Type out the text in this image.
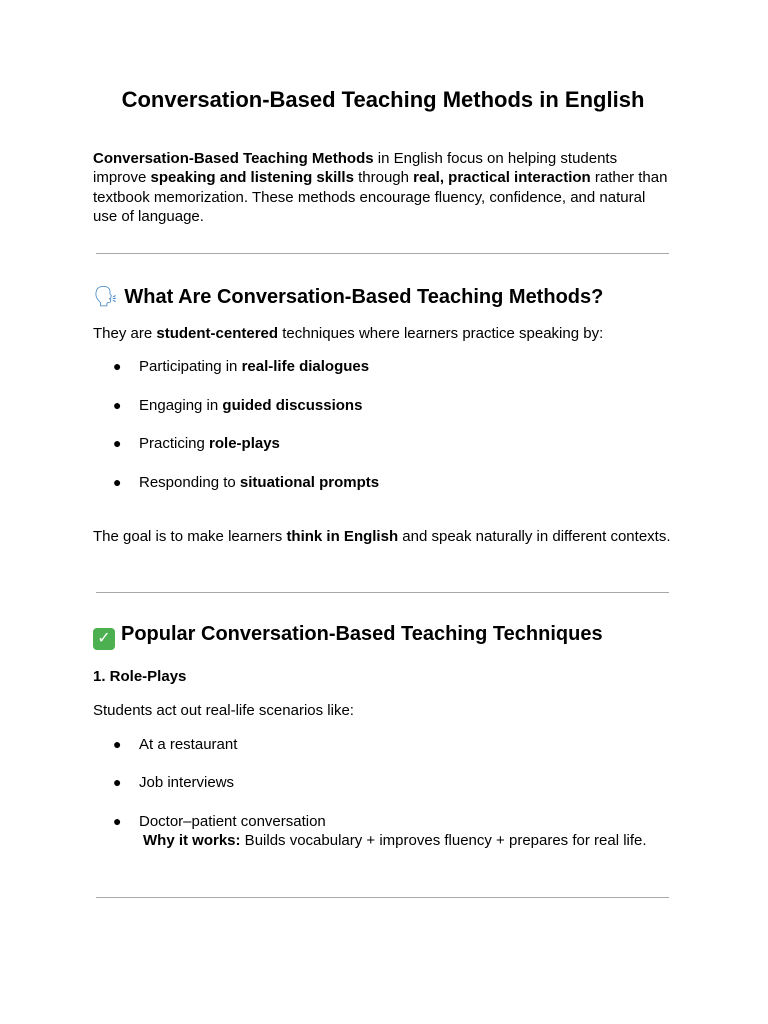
Conversation-Based Teaching Methods in English

Conversation-Based Teaching Methods in English focus on helping students improve speaking and listening skills through real, practical interaction rather than textbook memorization. These methods encourage fluency, confidence, and natural use of language.

🗣 What Are Conversation-Based Teaching Methods?

They are student-centered techniques where learners practice speaking by:

● Participating in real-life dialogues
● Engaging in guided discussions
● Practicing role-plays
● Responding to situational prompts

The goal is to make learners think in English and speak naturally in different contexts.

✓ Popular Conversation-Based Teaching Techniques
1. Role-Plays

Students act out real-life scenarios like:

● At a restaurant
● Job interviews
● Doctor–patient conversation
Why it works: Builds vocabulary + improves fluency + prepares for real life.
